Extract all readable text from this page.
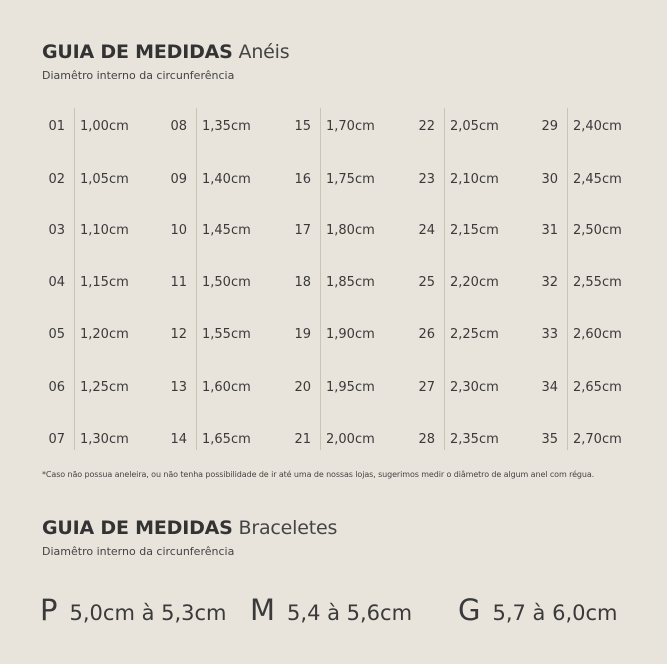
GUIA DE MEDIDAS Anéis
Diamêtro interno da circunferência
01 1,00cm
02 1,05cm
03 1,10cm
04 1,15cm
05 1,20cm
06 1,25cm
07 1,30cm
08 1,35cm
09 1,40cm
10 1,45cm
11 1,50cm
12 1,55cm
13 1,60cm
14 1,65cm
15 1,70cm
16 1,75cm
17 1,80cm
18 1,85cm
19 1,90cm
20 1,95cm
21 2,00cm
22 2,05cm
23 2,10cm
24 2,15cm
25 2,20cm
26 2,25cm
27 2,30cm
28 2,35cm
29 2,40cm
30 2,45cm
31 2,50cm
32 2,55cm
33 2,60cm
34 2,65cm
35 2,70cm
*Caso não possua aneleira, ou não tenha possibilidade de ir até uma de nossas lojas, sugerimos medir o diâmetro de algum anel com régua.
GUIA DE MEDIDAS Braceletes
Diamêtro interno da circunferência
P 5,0cm à 5,3cm M 5,4 à 5,6cm G 5,7 à 6,0cm
